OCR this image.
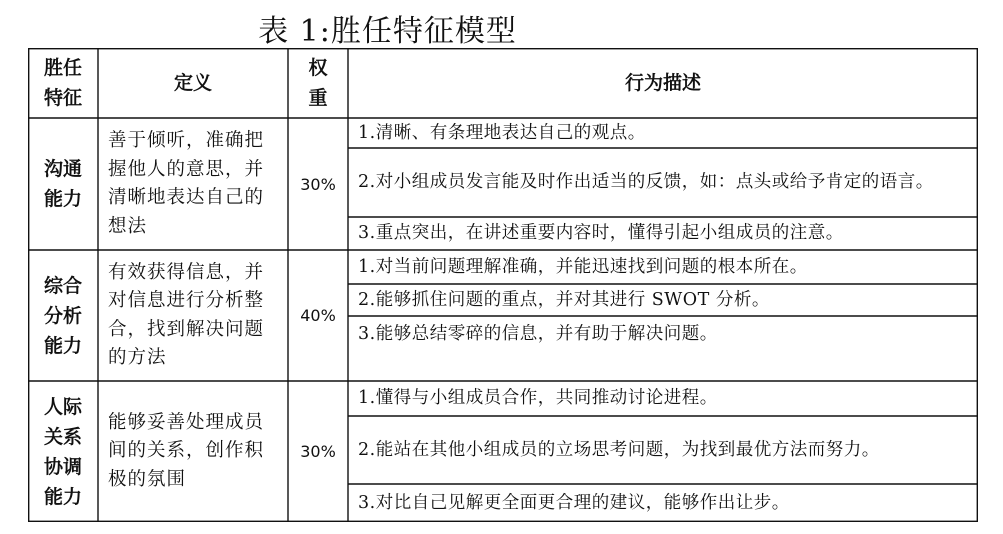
表 1:胜任特征模型
胜任特征
定义
权重
行为描述
沟通能力
善于倾听，准确把握他人的意思，并清晰地表达自己的想法
30%
1.清晰、有条理地表达自己的观点。
2.对小组成员发言能及时作出适当的反馈，如：点头或给予肯定的语言。
3.重点突出，在讲述重要内容时，懂得引起小组成员的注意。
综合分析能力
有效获得信息，并对信息进行分析整合，找到解决问题的方法
40%
1.对当前问题理解准确，并能迅速找到问题的根本所在。
2.能够抓住问题的重点，并对其进行 SWOT 分析。
3.能够总结零碎的信息，并有助于解决问题。
人际关系协调能力
能够妥善处理成员间的关系，创作积极的氛围
30%
1.懂得与小组成员合作，共同推动讨论进程。
2.能站在其他小组成员的立场思考问题，为找到最优方法而努力。
3.对比自己见解更全面更合理的建议，能够作出让步。
